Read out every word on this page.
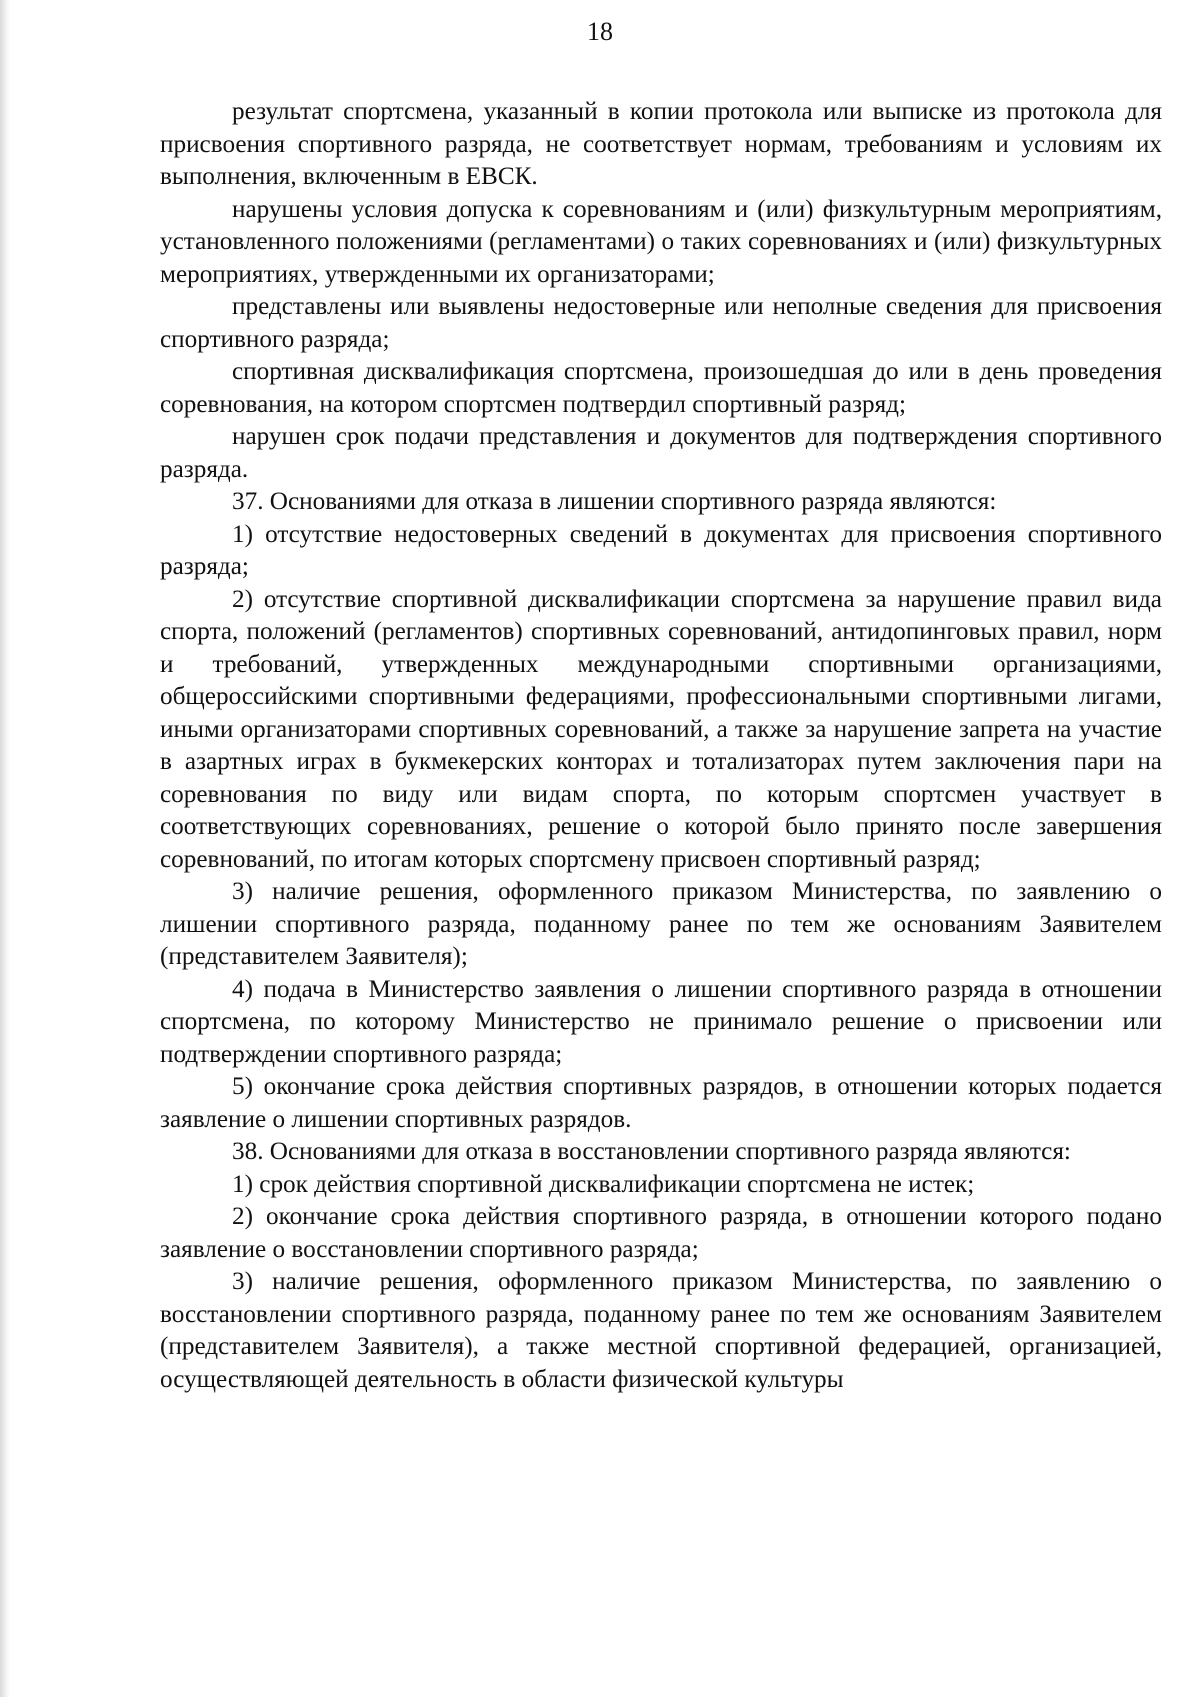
18

результат спортсмена, указанный в копии протокола или выписке из протокола для присвоения спортивного разряда, не соответствует нормам, требованиям и условиям их выполнения, включенным в ЕВСК.

нарушены условия допуска к соревнованиям и (или) физкультурным мероприятиям, установленного положениями (регламентами) о таких соревнованиях и (или) физкультурных мероприятиях, утвержденными их организаторами;

представлены или выявлены недостоверные или неполные сведения для присвоения спортивного разряда;

спортивная дисквалификация спортсмена, произошедшая до или в день проведения соревнования, на котором спортсмен подтвердил спортивный разряд;

нарушен срок подачи представления и документов для подтверждения спортивного разряда.

37. Основаниями для отказа в лишении спортивного разряда являются:

1) отсутствие недостоверных сведений в документах для присвоения спортивного разряда;

2) отсутствие спортивной дисквалификации спортсмена за нарушение правил вида спорта, положений (регламентов) спортивных соревнований, антидопинговых правил, норм и требований, утвержденных международными спортивными организациями, общероссийскими спортивными федерациями, профессиональными спортивными лигами, иными организаторами спортивных соревнований, а также за нарушение запрета на участие в азартных играх в букмекерских конторах и тотализаторах путем заключения пари на соревнования по виду или видам спорта, по которым спортсмен участвует в соответствующих соревнованиях, решение о которой было принято после завершения соревнований, по итогам которых спортсмену присвоен спортивный разряд;

3) наличие решения, оформленного приказом Министерства, по заявлению о лишении спортивного разряда, поданному ранее по тем же основаниям Заявителем (представителем Заявителя);

4) подача в Министерство заявления о лишении спортивного разряда в отношении спортсмена, по которому Министерство не принимало решение о присвоении или подтверждении спортивного разряда;

5) окончание срока действия спортивных разрядов, в отношении которых подается заявление о лишении спортивных разрядов.

38. Основаниями для отказа в восстановлении спортивного разряда являются:

1) срок действия спортивной дисквалификации спортсмена не истек;

2) окончание срока действия спортивного разряда, в отношении которого подано заявление о восстановлении спортивного разряда;

3) наличие решения, оформленного приказом Министерства, по заявлению о восстановлении спортивного разряда, поданному ранее по тем же основаниям Заявителем (представителем Заявителя), а также местной спортивной федерацией, организацией, осуществляющей деятельность в области физической культуры
